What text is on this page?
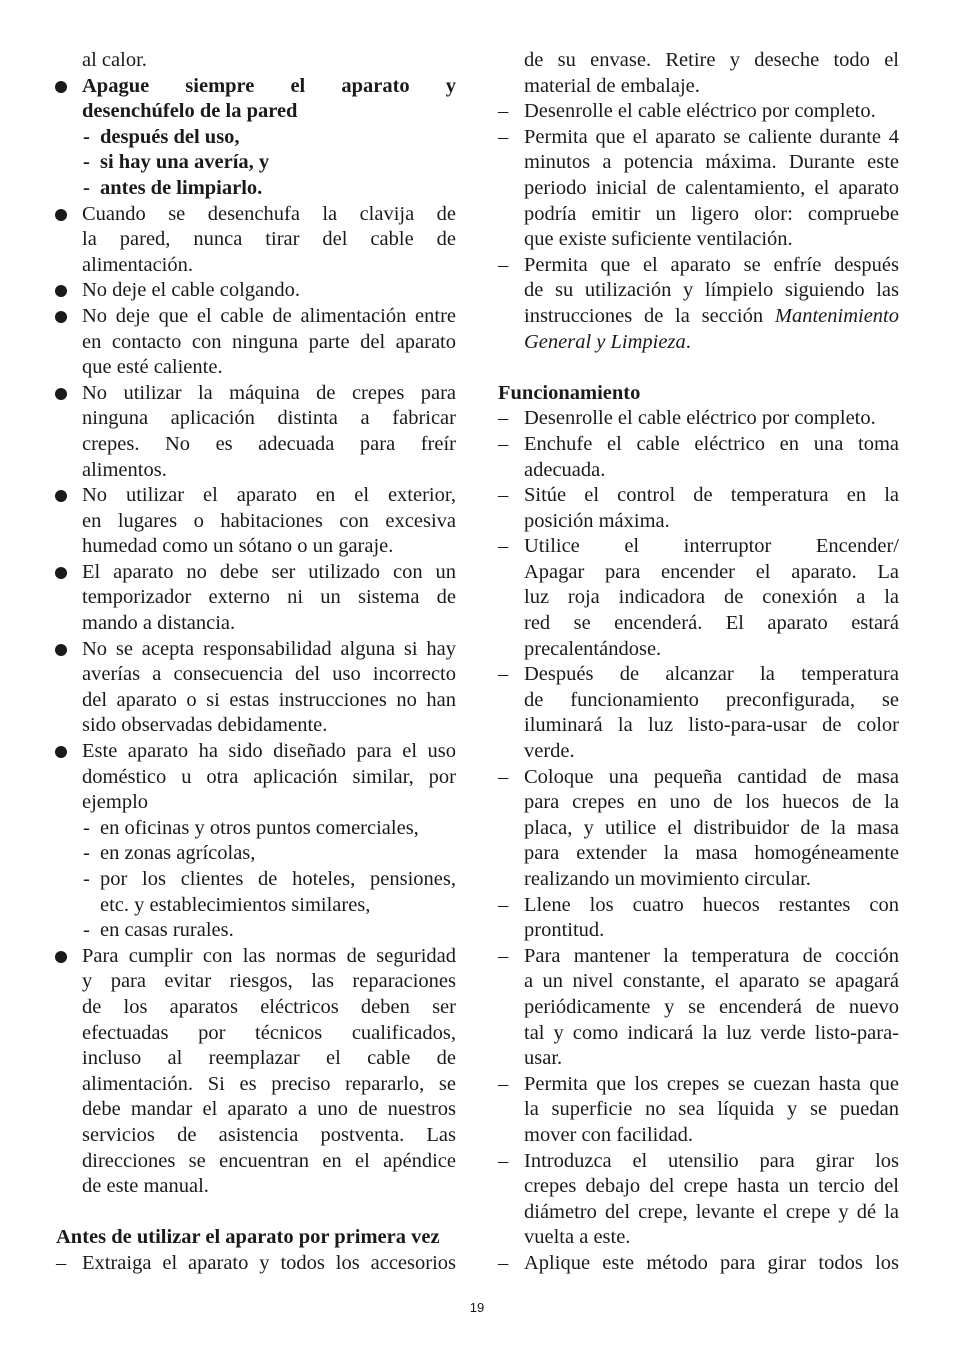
al calor.
Apague siempre el aparato y
desenchúfelo de la pared
- después del uso,
- si hay una avería, y
- antes de limpiarlo.
Cuando se desenchufa la clavija de
la pared, nunca tirar del cable de
alimentación.
No deje el cable colgando.
No deje que el cable de alimentación entre
en contacto con ninguna parte del aparato
que esté caliente.
No utilizar la máquina de crepes para
ninguna aplicación distinta a fabricar
crepes. No es adecuada para freír
alimentos.
No utilizar el aparato en el exterior,
en lugares o habitaciones con excesiva
humedad como un sótano o un garaje.
El aparato no debe ser utilizado con un
temporizador externo ni un sistema de
mando a distancia.
No se acepta responsabilidad alguna si hay
averías a consecuencia del uso incorrecto
del aparato o si estas instrucciones no han
sido observadas debidamente.
Este aparato ha sido diseñado para el uso
doméstico u otra aplicación similar, por
ejemplo
- en oficinas y otros puntos comerciales,
- en zonas agrícolas,
- por los clientes de hoteles, pensiones,
etc. y establecimientos similares,
- en casas rurales.
Para cumplir con las normas de seguridad
y para evitar riesgos, las reparaciones
de los aparatos eléctricos deben ser
efectuadas por técnicos cualificados,
incluso al reemplazar el cable de
alimentación. Si es preciso repararlo, se
debe mandar el aparato a uno de nuestros
servicios de asistencia postventa. Las
direcciones se encuentran en el apéndice
de este manual.
Antes de utilizar el aparato por primera vez
– Extraiga el aparato y todos los accesorios
de su envase. Retire y deseche todo el
material de embalaje.
– Desenrolle el cable eléctrico por completo.
– Permita que el aparato se caliente durante 4
minutos a potencia máxima. Durante este
periodo inicial de calentamiento, el aparato
podría emitir un ligero olor: compruebe
que existe suficiente ventilación.
– Permita que el aparato se enfríe después
de su utilización y límpielo siguiendo las
instrucciones de la sección Mantenimiento
General y Limpieza.
Funcionamiento
– Desenrolle el cable eléctrico por completo.
– Enchufe el cable eléctrico en una toma
adecuada.
– Sitúe el control de temperatura en la
posición máxima.
– Utilice el interruptor Encender/
Apagar para encender el aparato. La
luz roja indicadora de conexión a la
red se encenderá. El aparato estará
precalentándose.
– Después de alcanzar la temperatura
de funcionamiento preconfigurada, se
iluminará la luz listo-para-usar de color
verde.
– Coloque una pequeña cantidad de masa
para crepes en uno de los huecos de la
placa, y utilice el distribuidor de la masa
para extender la masa homogéneamente
realizando un movimiento circular.
– Llene los cuatro huecos restantes con
prontitud.
– Para mantener la temperatura de cocción
a un nivel constante, el aparato se apagará
periódicamente y se encenderá de nuevo
tal y como indicará la luz verde listo-para-
usar.
– Permita que los crepes se cuezan hasta que
la superficie no sea líquida y se puedan
mover con facilidad.
– Introduzca el utensilio para girar los
crepes debajo del crepe hasta un tercio del
diámetro del crepe, levante el crepe y dé la
vuelta a este.
– Aplique este método para girar todos los
19
